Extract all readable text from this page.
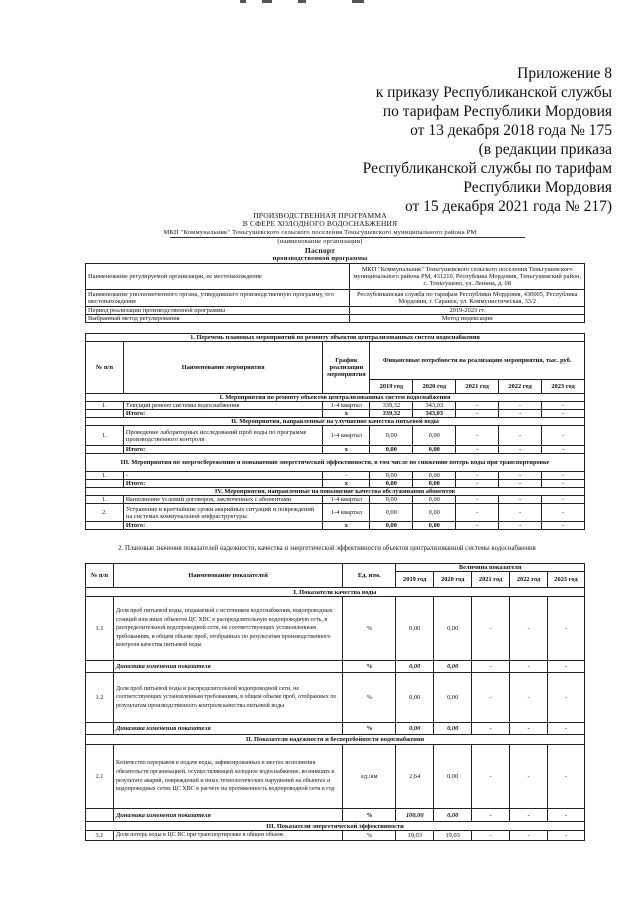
Приложение 8
к приказу Республиканской службы
по тарифам Республики Мордовия
от 13 декабря 2018 года № 175
(в редакции приказа
Республиканской службы по тарифам
Республики Мордовия
от 15 декабря 2021 года № 217)
ПРОИЗВОДСТВЕННАЯ ПРОГРАММА
В СФЕРЕ ХОЛОДНОГО ВОДОСНАБЖЕНИЯ
МКП "Коммунальник" Теньгушевского сельского поселения Теньгушевского муниципального района РМ
(наименование организации)
Паспорт
производственной программы
Наименование регулируемой организации, ее местонахождение	МКП "Коммунальник" Теньгушевского сельского поселения Теньгушевского муниципального района РМ, 431210, Республика Мордовия, Теньгушевский район, с. Теньгушево, ул. Ленина, д. 68
Наименование уполномоченного органа, утвердившего производственную программу, его местонахождение	Республиканская служба по тарифам Республики Мордовия, 430005, Республика Мордовия, г. Саранск, ул. Коммунистическая, 33/2
Период реализации производственной программы	2019-2023 гг.
Выбранный метод регулирования	Метод индексации
1. Перечень плановых мероприятий по ремонту объектов централизованных систем водоснабжения							
№ п/п	Наименование мероприятия	График реализации мероприятия	Финансовые потребности на реализацию мероприятия, тыс. руб.				
			2019 год	2020 год	2021 год	2022 год	2023 год
I. Мероприятия по ремонту объектов централизованных систем водоснабжения							
1.	Текущий ремонт системы водоснабжения	1-4 квартал	339,32	343,03	-	-	-
	Итого:	х	339,32	343,03	-	-	-
II. Мероприятия, направленные на улучшение качества питьевой воды							
1.	Проведение лабораторных исследований проб воды по программе производственного контроля	1-4 квартал	0,00	0,00	-	-	-
	Итого:	х	0,00	0,00	-	-	-
III. Мероприятия по энергосбережению и повышению энергетической эффективности, в том числе по снижению потерь воды при транспортировке							
1.	-	-	0,00	0,00	-	-	-
	Итого:	х	0,00	0,00	-	-	-
IV. Мероприятия, направленные на повышение качества обслуживания абонентов							
1.	Выполнение условий договоров, заключенных с абонентами	1-4 квартал	0,00	0,00	-	-	-
2.	Устранение в кратчайшие сроки аварийных ситуаций и повреждений на системах коммунальной инфраструктуры	1-4 квартал	0,00	0,00	-	-	-
	Итого:	х	0,00	0,00	-	-	-
2. Плановые значения показателей надежности, качества и энергетической эффективности объектов централизованной системы водоснабжения
№ п/п	Наименование показателей	Ед. изм.	Величина показателя				
			2019 год	2020 год	2021 год	2022 год	2023 год
I. Показатели качества воды							
1.1	Доля проб питьевой воды, подаваемой с источников водоснабжения, водопроводных станций или иных объектов ЦС ХВС в распределительную водопроводную сеть, в распределительной водопроводной сети, не соответствующих установленным требованиям, в общем объеме проб, отобранных по результатам производственного контроля качества питьевой воды	%	0,00	0,00	-	-	-
	Динамика изменения показателя	%	0,00	0,00	-	-	-
1.2	Доля проб питьевой воды в распределительной водопроводной сети, не соответствующих установленным требованиям, в общем объеме проб, отобранных по результатам производственного контроля качества питьевой воды	%	0,00	0,00	-	-	-
	Динамика изменения показателя	%	0,00	0,00	-	-	-
II. Показатели надежности и бесперебойности водоснабжения							
2.1	Количество перерывов в подаче воды, зафиксированных в местах исполнения обязательств организацией, осуществляющей холодное водоснабжение, возникших в результате аварий, повреждений и иных технологических нарушений на объектах и водопроводных сетях ЦС ХВС в расчете на протяженность водопроводной сети в год	ед./км	2,64	0,00	-	-	-
	Динамика изменения показателя	%	100,00	0,00	-	-	-
III. Показатели энергетической эффективности							
3.1	Доля потерь воды в ЦС ВС при транспортировке в общем объеме	%	19,03	19,03	-	-	-
